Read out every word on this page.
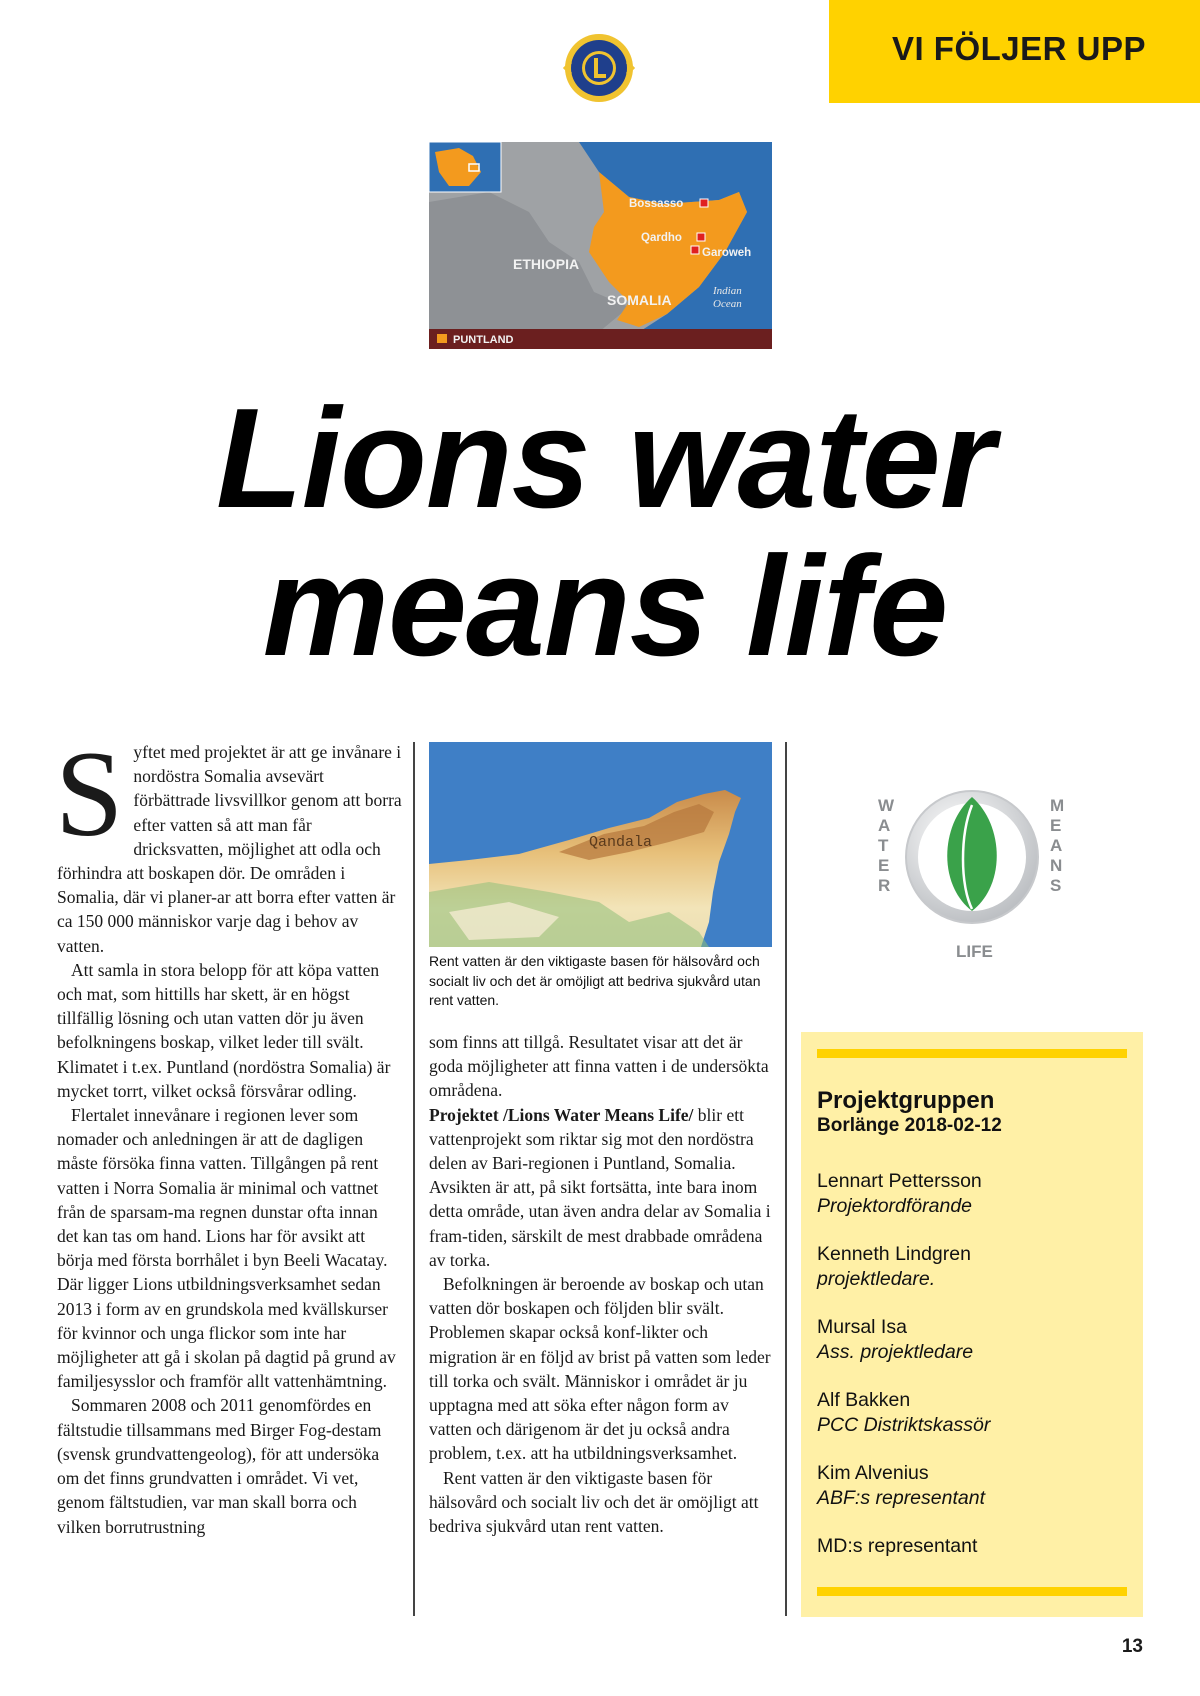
VI FÖLJER UPP
ETHIOPIA
SOMALIA
Bossasso
Qardho
Garoweh
Indian
Ocean
PUNTLAND
Lions water
means life
S yftet med projektet är att ge invånare i nordöstra Somalia avsevärt förbättrade livsvillkor genom att borra efter vatten så att man får dricksvatten, möjlighet att odla och förhindra att boskapen dör. De områden i Somalia, där vi planer-ar att borra efter vatten är ca 150 000 människor varje dag i behov av vatten.

Att samla in stora belopp för att köpa vatten och mat, som hittills har skett, är en högst tillfällig lösning och utan vatten dör ju även befolkningens boskap, vilket leder till svält. Klimatet i t.ex. Puntland (nordöstra Somalia) är mycket torrt, vilket också försvårar odling.

Flertalet innevånare i regionen lever som nomader och anledningen är att de dagligen måste försöka finna vatten. Tillgången på rent vatten i Norra Somalia är minimal och vattnet från de sparsam-ma regnen dunstar ofta innan det kan tas om hand. Lions har för avsikt att börja med första borrhålet i byn Beeli Wacatay. Där ligger Lions utbildningsverksamhet sedan 2013 i form av en grundskola med kvällskurser för kvinnor och unga flickor som inte har möjligheter att gå i skolan på dagtid på grund av familjesysslor och framför allt vattenhämtning.

Sommaren 2008 och 2011 genomfördes en fältstudie tillsammans med Birger Fog-destam (svensk grundvattengeolog), för att undersöka om det finns grundvatten i området. Vi vet, genom fältstudien, var man skall borra och vilken borrutrustning

Qandala
Rent vatten är den viktigaste basen för hälsovård och socialt liv och det är omöjligt att bedriva sjukvård utan rent vatten.

som finns att tillgå. Resultatet visar att det är goda möjligheter att finna vatten i de undersökta områdena.

Projektet /Lions Water Means Life/ blir ett vattenprojekt som riktar sig mot den nordöstra delen av Bari-regionen i Puntland, Somalia. Avsikten är att, på sikt fortsätta, inte bara inom detta område, utan även andra delar av Somalia i fram-tiden, särskilt de mest drabbade områdena av torka.

Befolkningen är beroende av boskap och utan vatten dör boskapen och följden blir svält. Problemen skapar också konf-likter och migration är en följd av brist på vatten som leder till torka och svält. Människor i området är ju upptagna med att söka efter någon form av vatten och därigenom är det ju också andra problem, t.ex. att ha utbildningsverksamhet.

Rent vatten är den viktigaste basen för hälsovård och socialt liv och det är omöjligt att bedriva sjukvård utan rent vatten.

W
A
T
E
R
M
E
A
N
S
LIFE
Projektgruppen
Borlänge 2018-02-12
Lennart Pettersson
Projektordförande
Kenneth Lindgren
projektledare.
Mursal Isa
Ass. projektledare
Alf Bakken
PCC Distriktskassör
Kim Alvenius
ABF:s representant
MD:s representant
13
